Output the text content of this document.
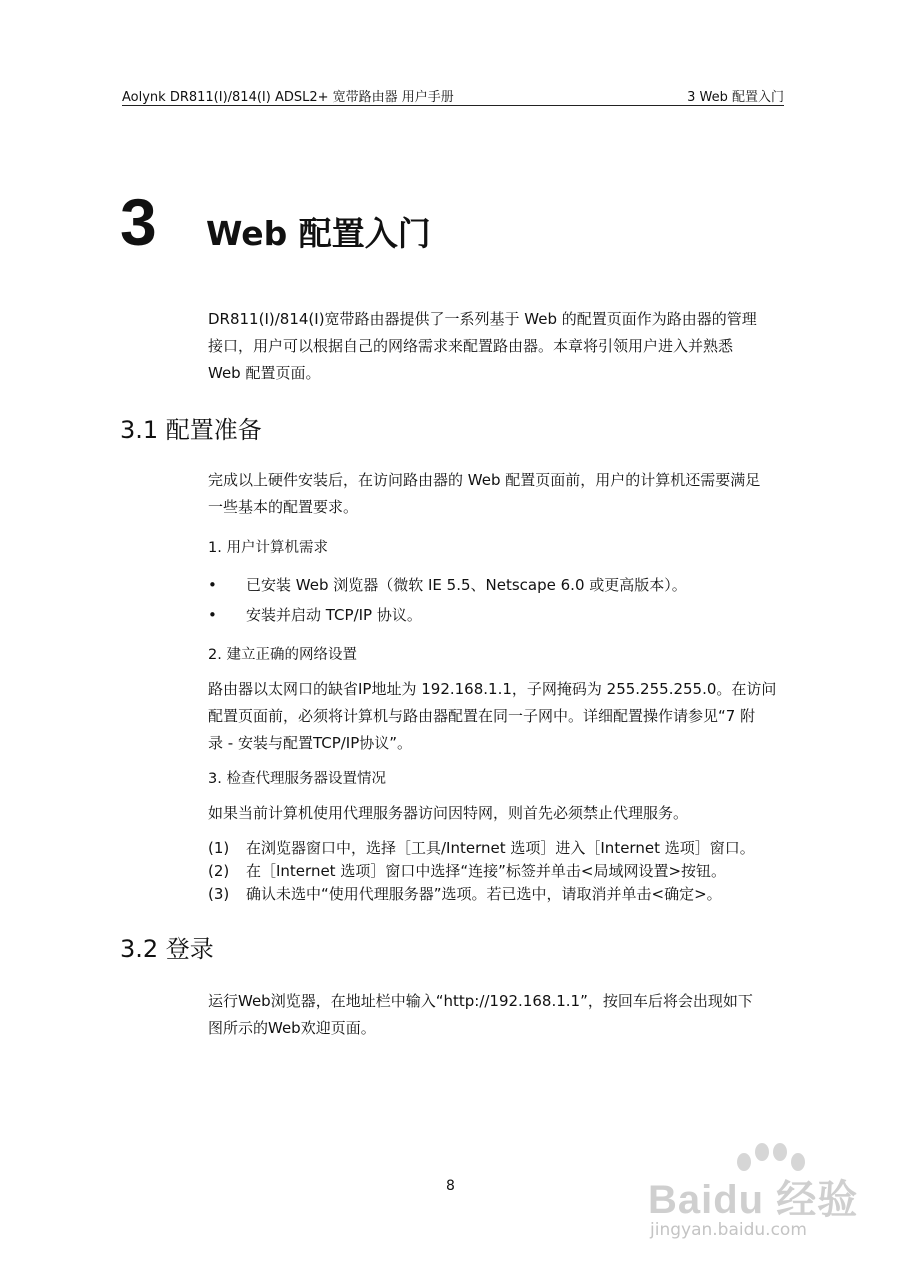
Aolynk DR811(I)/814(I) ADSL2+ 宽带路由器 用户手册	3 Web 配置入门
3 Web 配置入门

DR811(I)/814(I)宽带路由器提供了一系列基于 Web 的配置页面作为路由器的管理

接口，用户可以根据自己的网络需求来配置路由器。本章将引领用户进入并熟悉

Web 配置页面。

3.1 配置准备

完成以上硬件安装后，在访问路由器的 Web 配置页面前，用户的计算机还需要满足

一些基本的配置要求。

1. 用户计算机需求
• 已安装 Web 浏览器（微软 IE 5.5、Netscape 6.0 或更高版本）。
• 安装并启动 TCP/IP 协议。
2. 建立正确的网络设置

路由器以太网口的缺省IP地址为 192.168.1.1，子网掩码为 255.255.255.0。在访问

配置页面前，必须将计算机与路由器配置在同一子网中。详细配置操作请参见“7 附

录 - 安装与配置TCP/IP协议”。

3. 检查代理服务器设置情况

如果当前计算机使用代理服务器访问因特网，则首先必须禁止代理服务。

(1) 在浏览器窗口中，选择［工具/Internet 选项］进入［Internet 选项］窗口。
(2) 在［Internet 选项］窗口中选择“连接”标签并单击<局域网设置>按钮。
(3) 确认未选中“使用代理服务器”选项。若已选中，请取消并单击<确定>。
3.2 登录

运行Web浏览器，在地址栏中输入“http://192.168.1.1”，按回车后将会出现如下

图所示的Web欢迎页面。

8	Baidu 经验
jingyan.baidu.com
